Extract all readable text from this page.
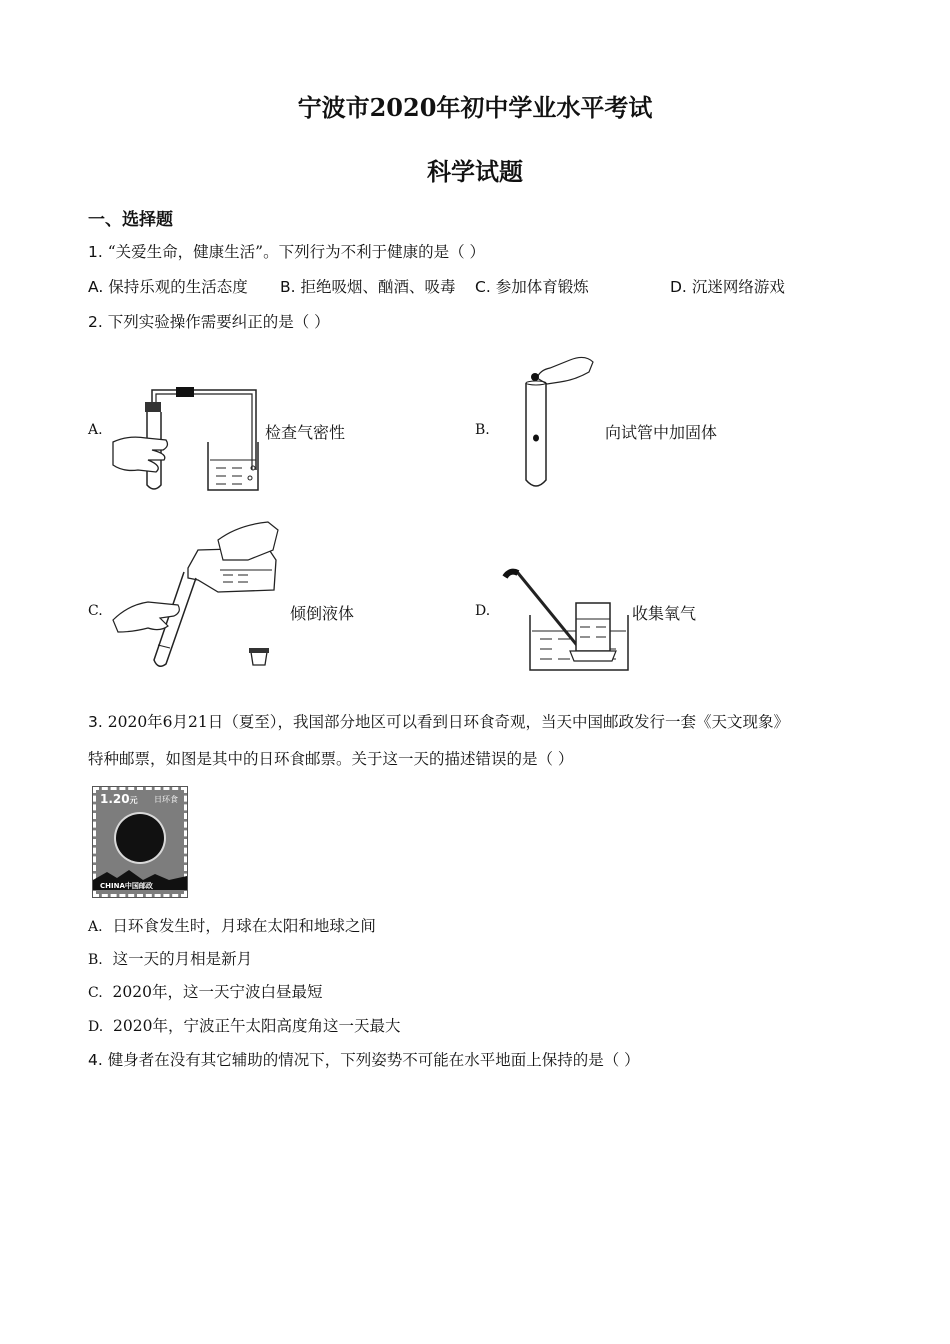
宁波市2020年初中学业水平考试
科学试题
一、选择题
1. “关爱生命，健康生活”。下列行为不利于健康的是（ ）
A. 保持乐观的生活态度 B. 拒绝吸烟、酗酒、吸毒 C. 参加体育锻炼	D. 沉迷网络游戏
2. 下列实验操作需要纠正的是（ ）
A.	检查气密性	B.	向试管中加固体
C.	倾倒液体	D.	收集氧气
3. 2020年6月21日（夏至），我国部分地区可以看到日环食奇观，当天中国邮政发行一套《天文现象》
特种邮票，如图是其中的日环食邮票。关于这一天的描述错误的是（ ）
1.20元 日环食
CHINA中国邮政
A. 日环食发生时，月球在太阳和地球之间
B. 这一天的月相是新月
C. 2020年，这一天宁波白昼最短
D. 2020年，宁波正午太阳高度角这一天最大
4. 健身者在没有其它辅助的情况下，下列姿势不可能在水平地面上保持的是（ ）
